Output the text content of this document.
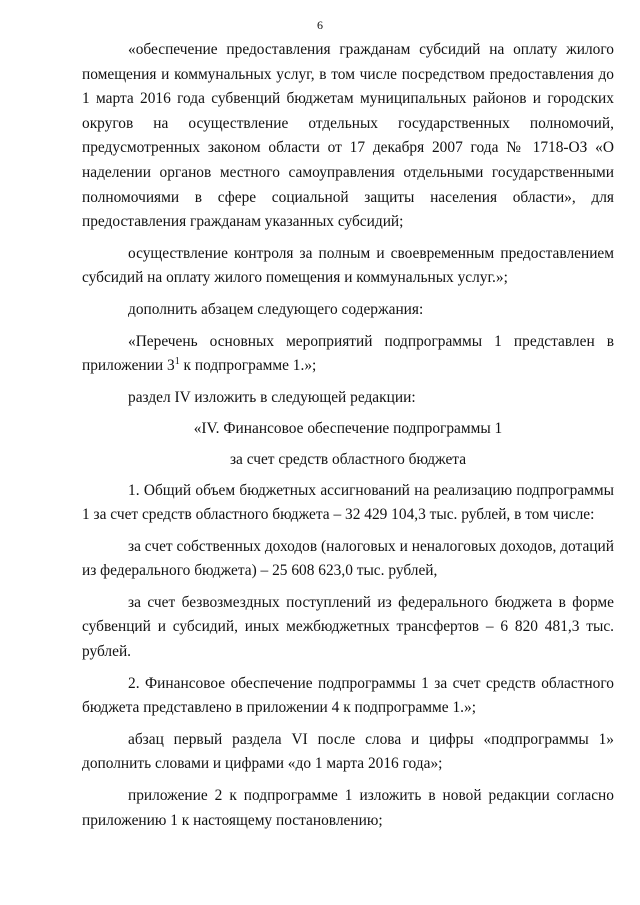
6

«обеспечение предоставления гражданам субсидий на оплату жилого помещения и коммунальных услуг, в том числе посредством предоставления до 1 марта 2016 года субвенций бюджетам муниципальных районов и городских округов на осуществление отдельных государственных полномочий, предусмотренных законом области от 17 декабря 2007 года № 1718-ОЗ «О наделении органов местного самоуправления отдельными государственными полномочиями в сфере социальной защиты населения области», для предоставления гражданам указанных субсидий;

осуществление контроля за полным и своевременным предоставлением субсидий на оплату жилого помещения и коммунальных услуг.»;

дополнить абзацем следующего содержания:

«Перечень основных мероприятий подпрограммы 1 представлен в приложении $3^1$ к подпрограмме 1.»;

раздел IV изложить в следующей редакции:

«IV. Финансовое обеспечение подпрограммы 1

за счет средств областного бюджета

1. Общий объем бюджетных ассигнований на реализацию подпрограммы 1 за счет средств областного бюджета – 32 429 104,3 тыс. рублей, в том числе:

за счет собственных доходов (налоговых и неналоговых доходов, дотаций из федерального бюджета) – 25 608 623,0 тыс. рублей,

за счет безвозмездных поступлений из федерального бюджета в форме субвенций и субсидий, иных межбюджетных трансфертов – 6 820 481,3 тыс. рублей.

2. Финансовое обеспечение подпрограммы 1 за счет средств областного бюджета представлено в приложении 4 к подпрограмме 1.»;

абзац первый раздела VI после слова и цифры «подпрограммы 1» дополнить словами и цифрами «до 1 марта 2016 года»;

приложение 2 к подпрограмме 1 изложить в новой редакции согласно приложению 1 к настоящему постановлению;
